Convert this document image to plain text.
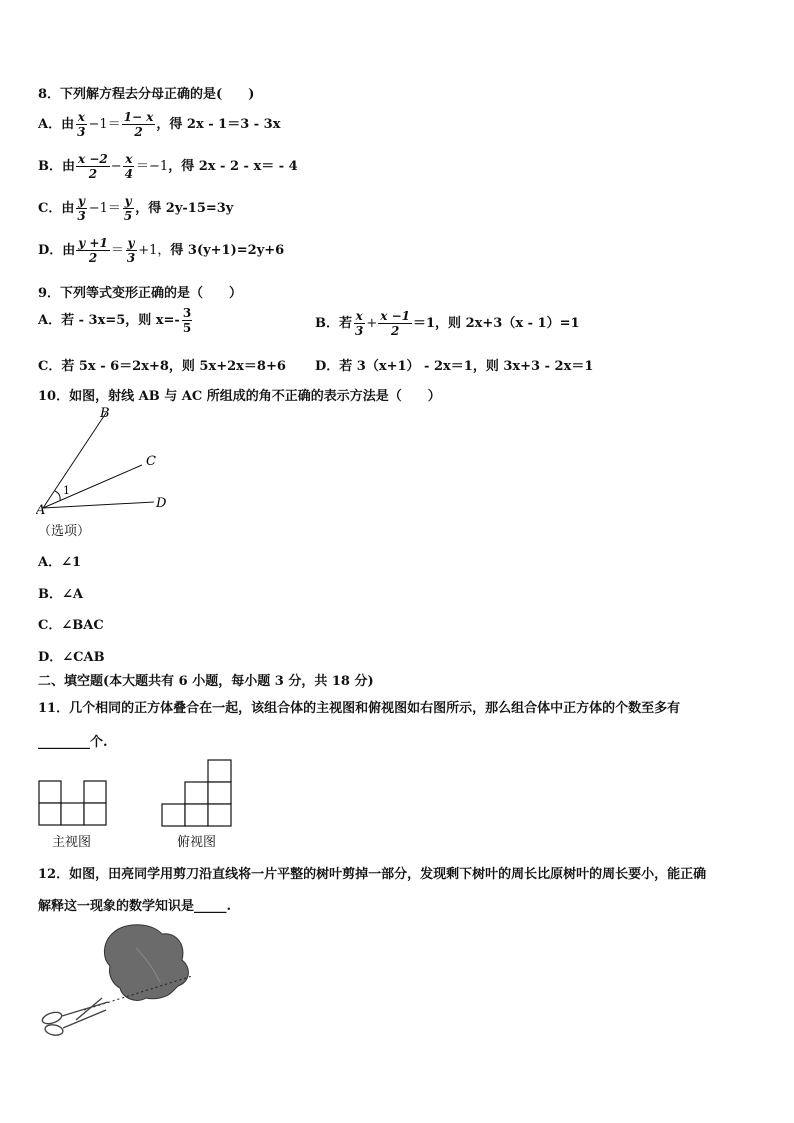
8．下列解方程去分母正确的是(　　)
A．由 $\frac{x}{3} -1= \frac{1- x}{2}$ ，得 2x - 1＝3 - 3x
B．由 $\frac{x -2}{2} - \frac{x}{4} =-1$，得 2x - 2 - x＝ - 4
C．由 $\frac{y}{3} -1= \frac{y}{5}$ ，得 2y-15=3y
D．由 $\frac{y +1}{2} = \frac{y}{3} +1$，得 3(y+1)=2y+6
9．下列等式变形正确的是（　　）
A．若 - 3x=5，则 $x=- \frac{3}{5}$	B．若 $\frac{x}{3} + \frac{x -1}{2} =1$，则 2x+3（x - 1）=1
C．若 5x - 6＝2x+8，则 5x+2x＝8+6 D．若 3（x+1） - 2x＝1，则 3x+3 - 2x＝1
10．如图，射线 AB 与 AC 所组成的角不正确的表示方法是（　　）
B
C
A	D
1
（选项）
A．∠1
B．∠A
C．∠BAC
D．∠CAB
二、填空题(本大题共有 6 小题，每小题 3 分，共 18 分)
11．几个相同的正方体叠合在一起，该组合体的主视图和俯视图如右图所示，那么组合体中正方体的个数至多有
________个.
主视图	俯视图
12．如图，田亮同学用剪刀沿直线将一片平整的树叶剪掉一部分，发现剩下树叶的周长比原树叶的周长要小，能正确
解释这一现象的数学知识是_____.
